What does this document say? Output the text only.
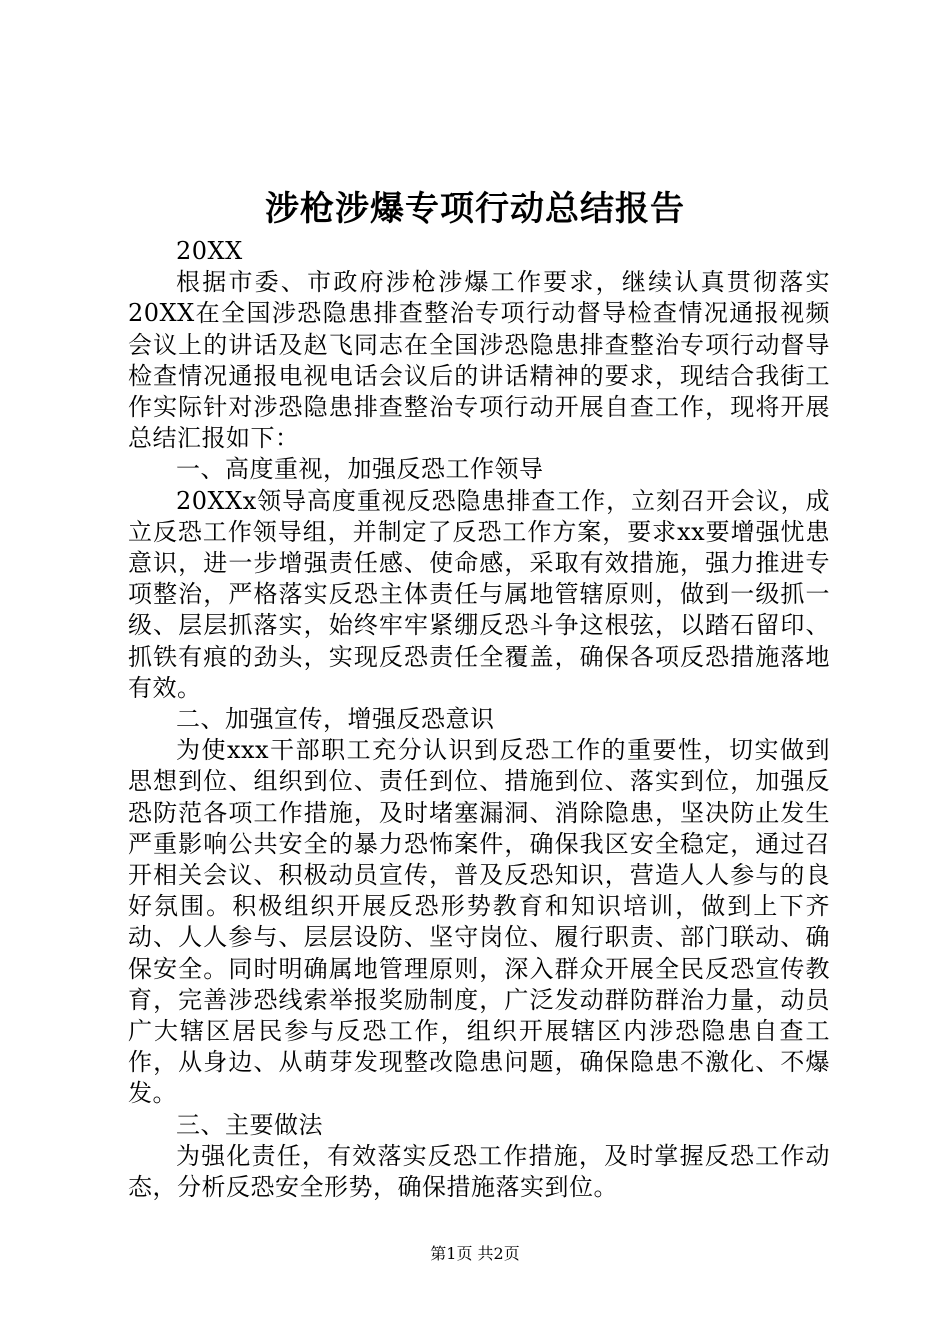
涉枪涉爆专项行动总结报告

20XX

根据市委、市政府涉枪涉爆工作要求，继续认真贯彻落实20XX在全国涉恐隐患排查整治专项行动督导检查情况通报视频会议上的讲话及赵飞同志在全国涉恐隐患排查整治专项行动督导检查情况通报电视电话会议后的讲话精神的要求，现结合我街工作实际针对涉恐隐患排查整治专项行动开展自查工作，现将开展总结汇报如下：

一、高度重视，加强反恐工作领导

20XXx领导高度重视反恐隐患排查工作，立刻召开会议，成立反恐工作领导组，并制定了反恐工作方案，要求xx要增强忧患意识，进一步增强责任感、使命感，采取有效措施，强力推进专项整治，严格落实反恐主体责任与属地管辖原则，做到一级抓一级、层层抓落实，始终牢牢紧绷反恐斗争这根弦，以踏石留印、抓铁有痕的劲头，实现反恐责任全覆盖，确保各项反恐措施落地有效。

二、加强宣传，增强反恐意识

为使xxx干部职工充分认识到反恐工作的重要性，切实做到思想到位、组织到位、责任到位、措施到位、落实到位，加强反恐防范各项工作措施，及时堵塞漏洞、消除隐患，坚决防止发生严重影响公共安全的暴力恐怖案件，确保我区安全稳定，通过召开相关会议、积极动员宣传，普及反恐知识，营造人人参与的良好氛围。积极组织开展反恐形势教育和知识培训，做到上下齐动、人人参与、层层设防、坚守岗位、履行职责、部门联动、确保安全。同时明确属地管理原则，深入群众开展全民反恐宣传教育，完善涉恐线索举报奖励制度，广泛发动群防群治力量，动员广大辖区居民参与反恐工作，组织开展辖区内涉恐隐患自查工作，从身边、从萌芽发现整改隐患问题，确保隐患不激化、不爆发。

三、主要做法

为强化责任，有效落实反恐工作措施，及时掌握反恐工作动态，分析反恐安全形势，确保措施落实到位。

第1页 共2页
